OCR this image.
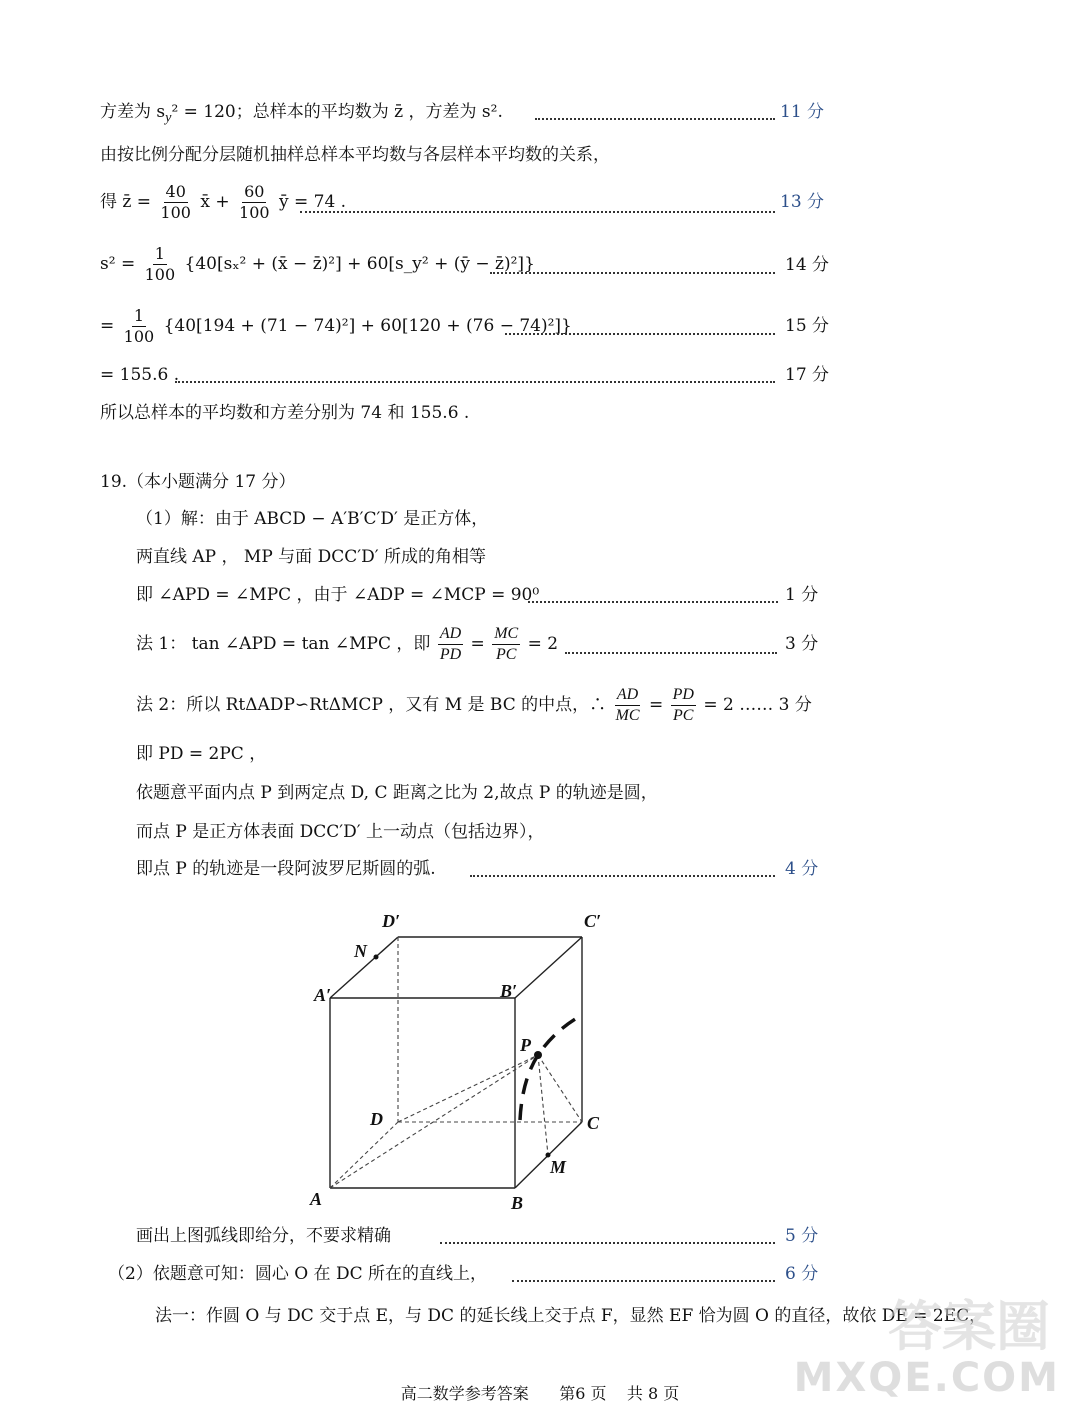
方差为 $s_y^2 = 120$；总样本的平均数为 z̄ ，方差为 s².	11 分
由按比例分配分层随机抽样总样本平均数与各层样本平均数的关系，
得 z̄ = $\frac{40}{100}$ x̄ + $\frac{60}{100}$ ȳ = 74 .	13 分
$s^2 = \frac{1}{100} \{40[s_x^2$ + (x̄ − z̄)²] + 60[s_y² + (ȳ − z̄)²]}	14 分
= $\frac{1}{100} \{40[194 + (71 - 74)^2] + 60[120 + (76 - 74)^2]\}$	15 分
= 155.6 .	17 分
所以总样本的平均数和方差分别为 74 和 155.6 .
19.（本小题满分 17 分）
（1）解：由于 ABCD − A′B′C′D′ 是正方体，
两直线 AP ， MP 与面 DCC′D′ 所成的角相等
即 ∠APD = ∠MPC ，由于 ∠ADP = ∠MCP = 90⁰	1 分
法 1： tan ∠APD = tan ∠MPC ，即 $\frac{AD}{PD} = \frac{MC}{PC} = 2$	3 分
法 2：所以 RtΔADP∽RtΔMCP ，又有 M 是 BC 的中点，∴ $\frac{AD}{MC} = \frac{PD}{PC} = 2$ …… 3 分
即 PD = 2PC ，
依题意平面内点 P 到两定点 D, C 距离之比为 2,故点 P 的轨迹是圆，
而点 P 是正方体表面 DCC′D′ 上一动点（包括边界），
即点 P 的轨迹是一段阿波罗尼斯圆的弧.	4 分
D′	C′
N
A′	B′
P
D	C
M
A	B
画出上图弧线即给分，不要求精确	5 分
（2）依题意可知：圆心 O 在 DC 所在的直线上，	6 分
法一：作圆 O 与 DC 交于点 E，与 DC 的延长线上交于点 F，显然 EF 恰为圆 O 的直径，故依 DE = 2EC，
答案圈
MXQE.COM
高二数学参考答案 第6 页 共 8 页
